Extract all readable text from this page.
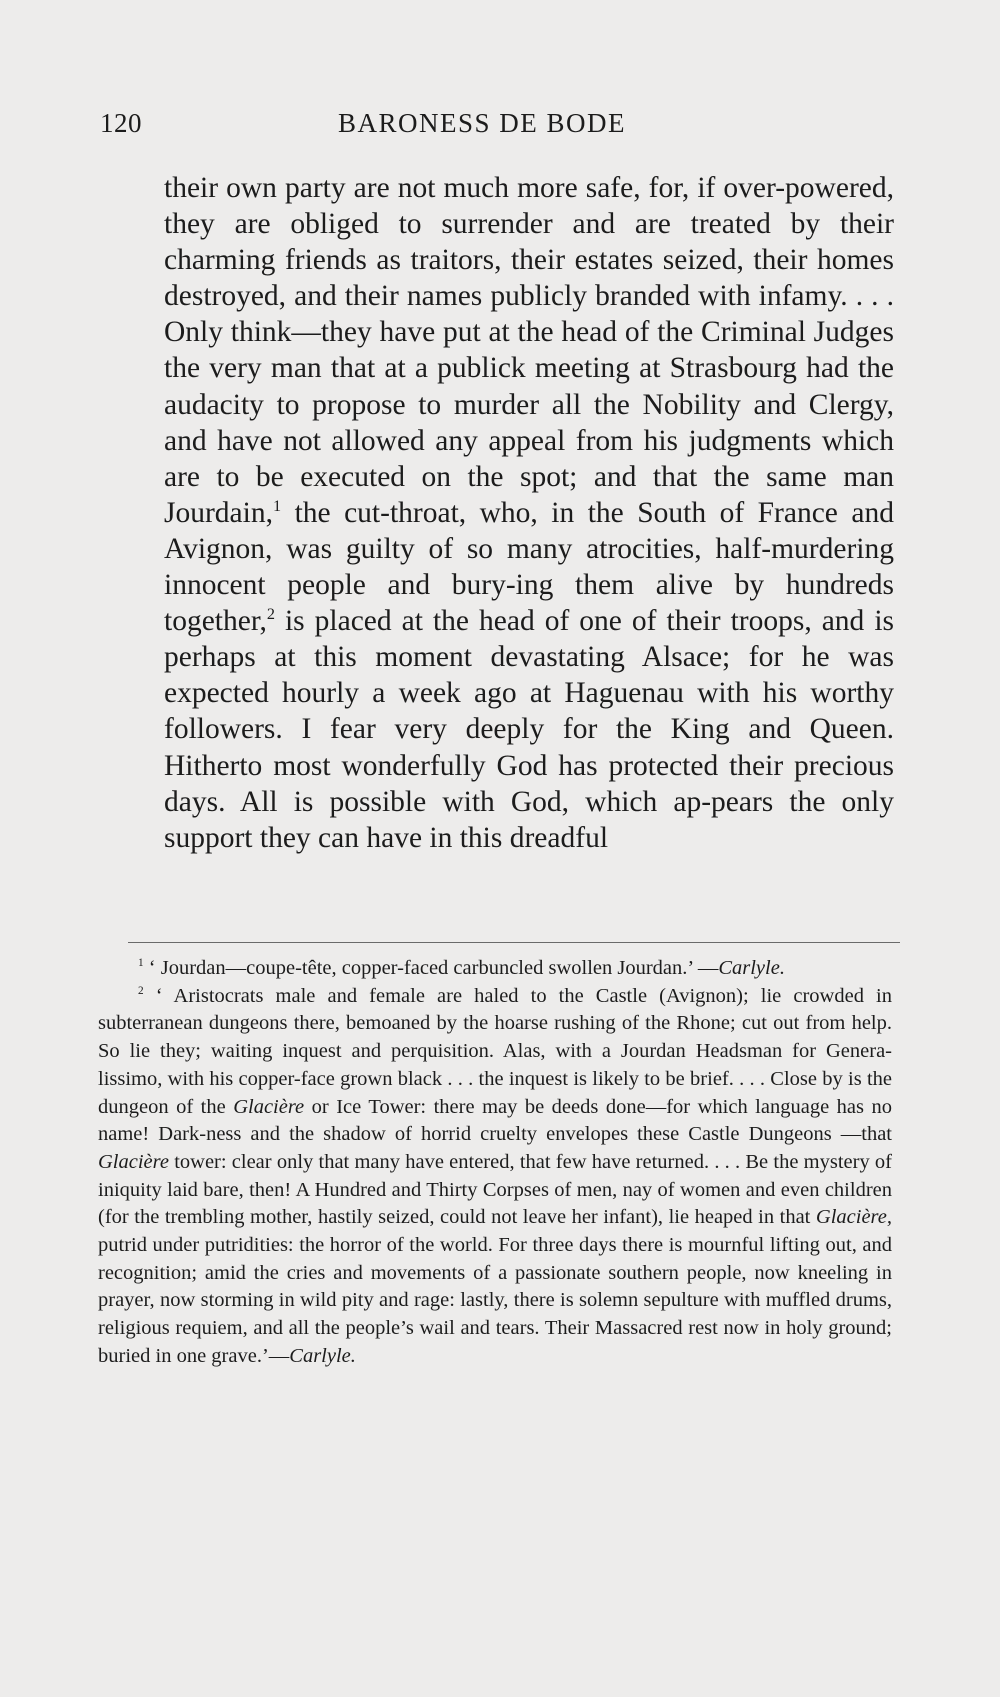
120	BARONESS DE BODE

their own party are not much more safe, for, if over-powered, they are obliged to surrender and are treated by their charming friends as traitors, their estates seized, their homes destroyed, and their names publicly branded with infamy. . . . Only think—they have put at the head of the Criminal Judges the very man that at a publick meeting at Strasbourg had the audacity to propose to murder all the Nobility and Clergy, and have not allowed any appeal from his judgments which are to be executed on the spot; and that the same man Jourdain,$^1$ the cut-throat, who, in the South of France and Avignon, was guilty of so many atrocities, half-murdering innocent people and bury-ing them alive by hundreds together,$^2$ is placed at the head of one of their troops, and is perhaps at this moment devastating Alsace; for he was expected hourly a week ago at Haguenau with his worthy followers. I fear very deeply for the King and Queen. Hitherto most wonderfully God has protected their precious days. All is possible with God, which ap-pears the only support they can have in this dreadful

$^1$ ‘ Jourdan—coupe-tête, copper-faced carbuncled swollen Jourdan.’ —Carlyle.

$^2$ ‘ Aristocrats male and female are haled to the Castle (Avignon); lie crowded in subterranean dungeons there, bemoaned by the hoarse rushing of the Rhone; cut out from help. So lie they; waiting inquest and perquisition. Alas, with a Jourdan Headsman for Genera-lissimo, with his copper-face grown black . . . the inquest is likely to be brief. . . . Close by is the dungeon of the Glacière or Ice Tower: there may be deeds done—for which language has no name! Dark-ness and the shadow of horrid cruelty envelopes these Castle Dungeons —that Glacière tower: clear only that many have entered, that few have returned. . . . Be the mystery of iniquity laid bare, then! A Hundred and Thirty Corpses of men, nay of women and even children (for the trembling mother, hastily seized, could not leave her infant), lie heaped in that Glacière, putrid under putridities: the horror of the world. For three days there is mournful lifting out, and recognition; amid the cries and movements of a passionate southern people, now kneeling in prayer, now storming in wild pity and rage: lastly, there is solemn sepulture with muffled drums, religious requiem, and all the people’s wail and tears. Their Massacred rest now in holy ground; buried in one grave.’—Carlyle.
